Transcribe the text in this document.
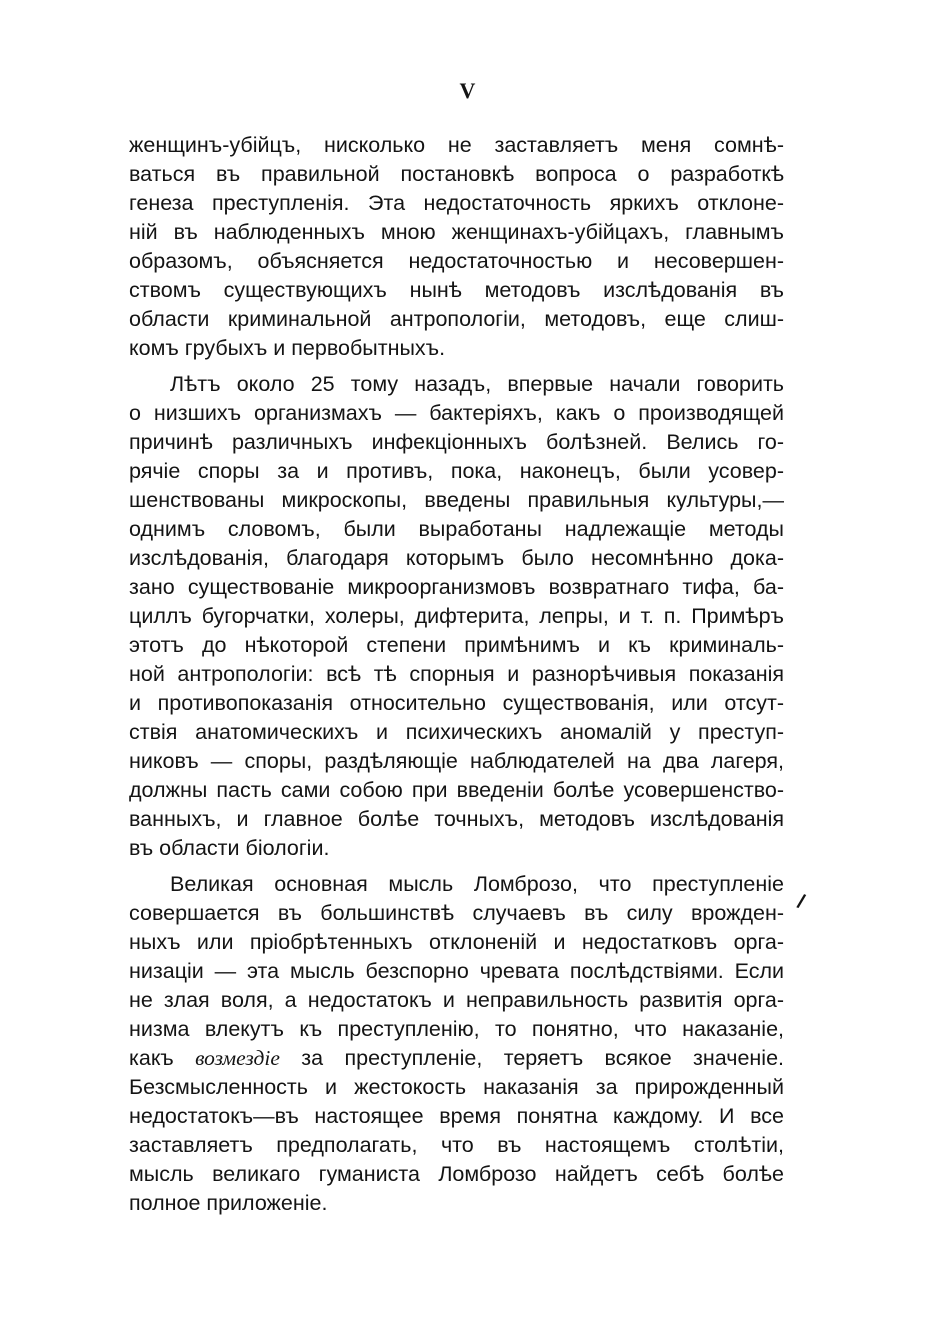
V
/
женщинъ-убійцъ, нисколько не заставляетъ меня сомнѣ-
ваться въ правильной постановкѣ вопроса о разработкѣ
генеза преступленія. Эта недостаточность яркихъ отклоне-
ній въ наблюденныхъ мною женщинахъ-убійцахъ, главнымъ
образомъ, объясняется недостаточностью и несовершен-
ствомъ существующихъ нынѣ методовъ изслѣдованія въ
области криминальной антропологіи, методовъ, еще слиш-
комъ грубыхъ и первобытныхъ.
Лѣтъ около 25 тому назадъ, впервые начали говорить
о низшихъ организмахъ — бактеріяхъ, какъ о производящей
причинѣ различныхъ инфекціонныхъ болѣзней. Велись го-
рячіе споры за и противъ, пока, наконецъ, были усовер-
шенствованы микроскопы, введены правильныя культуры,—
однимъ словомъ, были выработаны надлежащіе методы
изслѣдованія, благодаря которымъ было несомнѣнно дока-
зано существованіе микроорганизмовъ возвратнаго тифа, ба-
циллъ бугорчатки, холеры, дифтерита, лепры, и т. п. Примѣръ
этотъ до нѣкоторой степени примѣнимъ и къ криминаль-
ной антропологіи: всѣ тѣ спорныя и разнорѣчивыя показанія
и противопоказанія относительно существованія, или отсут-
ствія анатомическихъ и психическихъ аномалій у преступ-
никовъ — споры, раздѣляющіе наблюдателей на два лагеря,
должны пасть сами собою при введеніи болѣе усовершенство-
ванныхъ, и главное болѣе точныхъ, методовъ изслѣдованія
въ области біологіи.
Великая основная мысль Ломброзо, что преступленіе
совершается въ большинствѣ случаевъ въ силу врожден-
ныхъ или пріобрѣтенныхъ отклоненій и недостатковъ орга-
низаціи — эта мысль безспорно чревата послѣдствіями. Если
не злая воля, а недостатокъ и неправильность развитія орга-
низма влекутъ къ преступленію, то понятно, что наказаніе,
какъ возмездіе за преступленіе, теряетъ всякое значеніе.
Безсмысленность и жестокость наказанія за прирожденный
недостатокъ—въ настоящее время понятна каждому. И все
заставляетъ предполагать, что въ настоящемъ столѣтіи,
мысль великаго гуманиста Ломброзо найдетъ себѣ болѣе
полное приложеніе.
